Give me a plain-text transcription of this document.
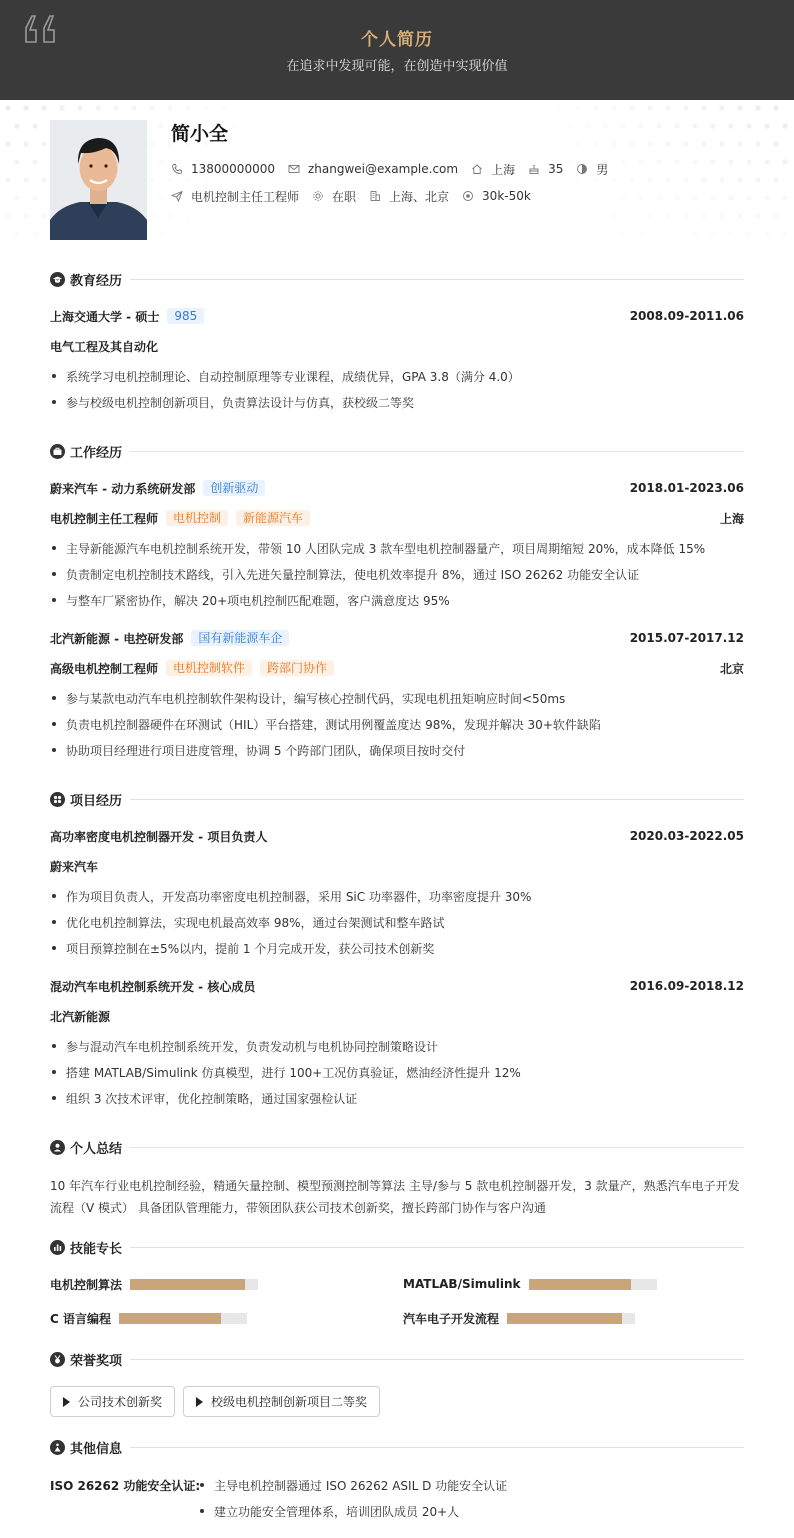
个人简历
在追求中发现可能，在创造中实现价值
简小全
13800000000	zhangwei@example.com	上海	35	男
电机控制主任工程师	在职	上海、北京	30k-50k
教育经历
上海交通大学 - 硕士	985	2008.09-2011.06
电气工程及其自动化
系统学习电机控制理论、自动控制原理等专业课程，成绩优异，GPA 3.8（满分 4.0）
参与校级电机控制创新项目，负责算法设计与仿真，获校级二等奖
工作经历
蔚来汽车 - 动力系统研发部	创新驱动	2018.01-2023.06
电机控制主任工程师	电机控制	新能源汽车	上海
主导新能源汽车电机控制系统开发，带领 10 人团队完成 3 款车型电机控制器量产，项目周期缩短 20%，成本降低 15%
负责制定电机控制技术路线，引入先进矢量控制算法，使电机效率提升 8%，通过 ISO 26262 功能安全认证
与整车厂紧密协作，解决 20+项电机控制匹配难题，客户满意度达 95%
北汽新能源 - 电控研发部	国有新能源车企	2015.07-2017.12
高级电机控制工程师	电机控制软件	跨部门协作	北京
参与某款电动汽车电机控制软件架构设计，编写核心控制代码，实现电机扭矩响应时间<50ms
负责电机控制器硬件在环测试（HIL）平台搭建，测试用例覆盖度达 98%，发现并解决 30+软件缺陷
协助项目经理进行项目进度管理，协调 5 个跨部门团队，确保项目按时交付
项目经历
高功率密度电机控制器开发 - 项目负责人	2020.03-2022.05
蔚来汽车
作为项目负责人，开发高功率密度电机控制器，采用 SiC 功率器件，功率密度提升 30%
优化电机控制算法，实现电机最高效率 98%，通过台架测试和整车路试
项目预算控制在±5%以内，提前 1 个月完成开发，获公司技术创新奖
混动汽车电机控制系统开发 - 核心成员	2016.09-2018.12
北汽新能源
参与混动汽车电机控制系统开发，负责发动机与电机协同控制策略设计
搭建 MATLAB/Simulink 仿真模型，进行 100+工况仿真验证，燃油经济性提升 12%
组织 3 次技术评审，优化控制策略，通过国家强检认证
个人总结
10 年汽车行业电机控制经验，精通矢量控制、模型预测控制等算法 主导/参与 5 款电机控制器开发，3 款量产，熟悉汽车电子开发流程（V 模式） 具备团队管理能力，带领团队获公司技术创新奖，擅长跨部门协作与客户沟通
技能专长
电机控制算法	MATLAB/Simulink
C 语言编程	汽车电子开发流程
荣誉奖项
公司技术创新奖	校级电机控制创新项目二等奖
其他信息
ISO 26262 功能安全认证: 主导电机控制器通过 ISO 26262 ASIL D 功能安全认证
建立功能安全管理体系，培训团队成员 20+人
